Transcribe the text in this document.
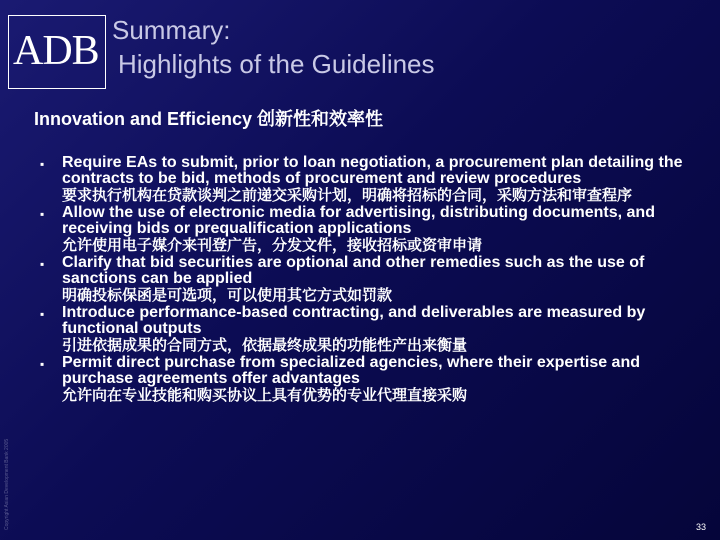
ADB Summary:
Highlights of the Guidelines
Innovation and Efficiency 创新性和效率性
Copyright Asian Development Bank 2005
▪ Require EAs to submit, prior to loan negotiation, a procurement plan detailing the contracts to be bid, methods of procurement and review procedures
要求执行机构在贷款谈判之前递交采购计划，明确将招标的合同，采购方法和审查程序
▪ Allow the use of electronic media for advertising, distributing documents, and receiving bids or prequalification applications
允许使用电子媒介来刊登广告，分发文件，接收招标或资审申请
▪ Clarify that bid securities are optional and other remedies such as the use of sanctions can be applied
明确投标保函是可选项，可以使用其它方式如罚款
▪ Introduce performance-based contracting, and deliverables are measured by functional outputs
引进依据成果的合同方式，依据最终成果的功能性产出来衡量
▪ Permit direct purchase from specialized agencies, where their expertise and purchase agreements offer advantages
允许向在专业技能和购买协议上具有优势的专业代理直接采购
33
